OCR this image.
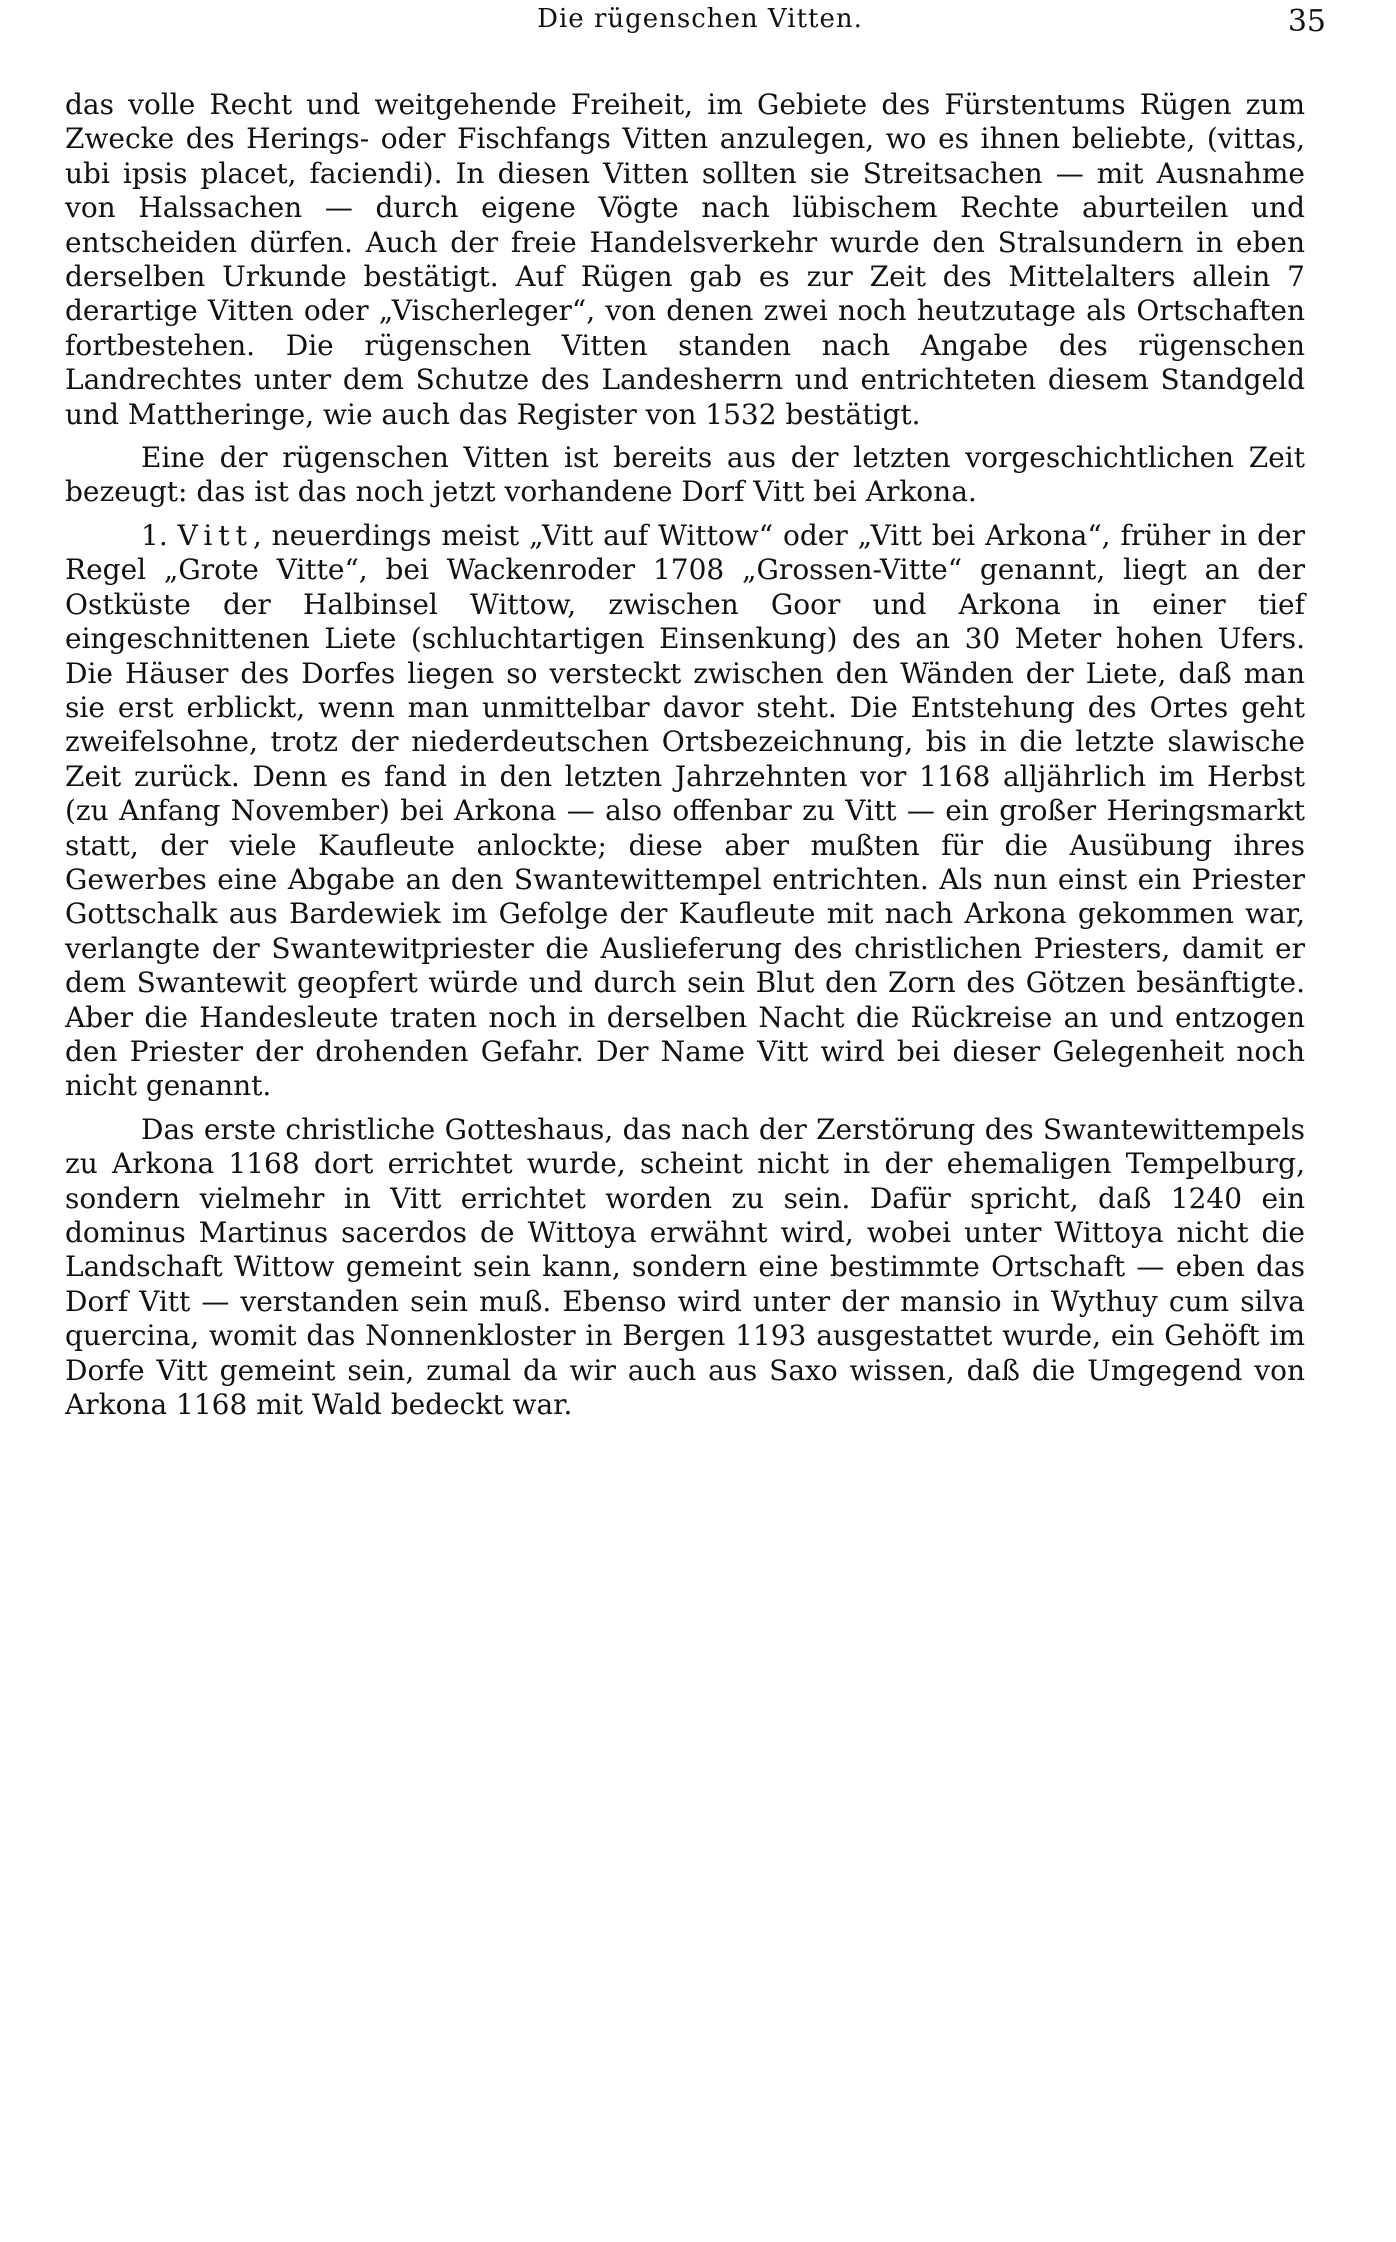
Die rügenschen Vitten.	35

das volle Recht und weitgehende Freiheit, im Gebiete des Fürstentums Rügen zum Zwecke des Herings- oder Fischfangs Vitten anzulegen, wo es ihnen beliebte, (vittas, ubi ipsis placet, faciendi). In diesen Vitten sollten sie Streitsachen — mit Ausnahme von Halssachen — durch eigene Vögte nach lübischem Rechte aburteilen und entscheiden dürfen. Auch der freie Handelsverkehr wurde den Stralsundern in eben derselben Urkunde bestätigt. Auf Rügen gab es zur Zeit des Mittelalters allein 7 derartige Vitten oder „Vischerleger“, von denen zwei noch heutzutage als Ortschaften fortbestehen. Die rügenschen Vitten standen nach Angabe des rügenschen Landrechtes unter dem Schutze des Landesherrn und entrichteten diesem Standgeld und Mattheringe, wie auch das Register von 1532 bestätigt.

Eine der rügenschen Vitten ist bereits aus der letzten vorgeschichtlichen Zeit bezeugt: das ist das noch jetzt vorhandene Dorf Vitt bei Arkona.

1. Vitt, neuerdings meist „Vitt auf Wittow“ oder „Vitt bei Arkona“, früher in der Regel „Grote Vitte“, bei Wackenroder 1708 „Grossen-Vitte“ genannt, liegt an der Ostküste der Halbinsel Wittow, zwischen Goor und Arkona in einer tief eingeschnittenen Liete (schluchtartigen Einsenkung) des an 30 Meter hohen Ufers. Die Häuser des Dorfes liegen so versteckt zwischen den Wänden der Liete, daß man sie erst erblickt, wenn man unmittelbar davor steht. Die Entstehung des Ortes geht zweifelsohne, trotz der niederdeutschen Ortsbezeichnung, bis in die letzte slawische Zeit zurück. Denn es fand in den letzten Jahrzehnten vor 1168 alljährlich im Herbst (zu Anfang November) bei Arkona — also offenbar zu Vitt — ein großer Heringsmarkt statt, der viele Kaufleute anlockte; diese aber mußten für die Ausübung ihres Gewerbes eine Abgabe an den Swantewittempel entrichten. Als nun einst ein Priester Gottschalk aus Bardewiek im Gefolge der Kaufleute mit nach Arkona gekommen war, verlangte der Swantewitpriester die Auslieferung des christlichen Priesters, damit er dem Swantewit geopfert würde und durch sein Blut den Zorn des Götzen besänftigte. Aber die Handesleute traten noch in derselben Nacht die Rückreise an und entzogen den Priester der drohenden Gefahr. Der Name Vitt wird bei dieser Gelegenheit noch nicht genannt.

Das erste christliche Gotteshaus, das nach der Zerstörung des Swantewittempels zu Arkona 1168 dort errichtet wurde, scheint nicht in der ehemaligen Tempelburg, sondern vielmehr in Vitt errichtet worden zu sein. Dafür spricht, daß 1240 ein dominus Martinus sacerdos de Wittoya erwähnt wird, wobei unter Wittoya nicht die Landschaft Wittow gemeint sein kann, sondern eine bestimmte Ortschaft — eben das Dorf Vitt — verstanden sein muß. Ebenso wird unter der mansio in Wythuy cum silva quercina, womit das Nonnenkloster in Bergen 1193 ausgestattet wurde, ein Gehöft im Dorfe Vitt gemeint sein, zumal da wir auch aus Saxo wissen, daß die Umgegend von Arkona 1168 mit Wald bedeckt war.
